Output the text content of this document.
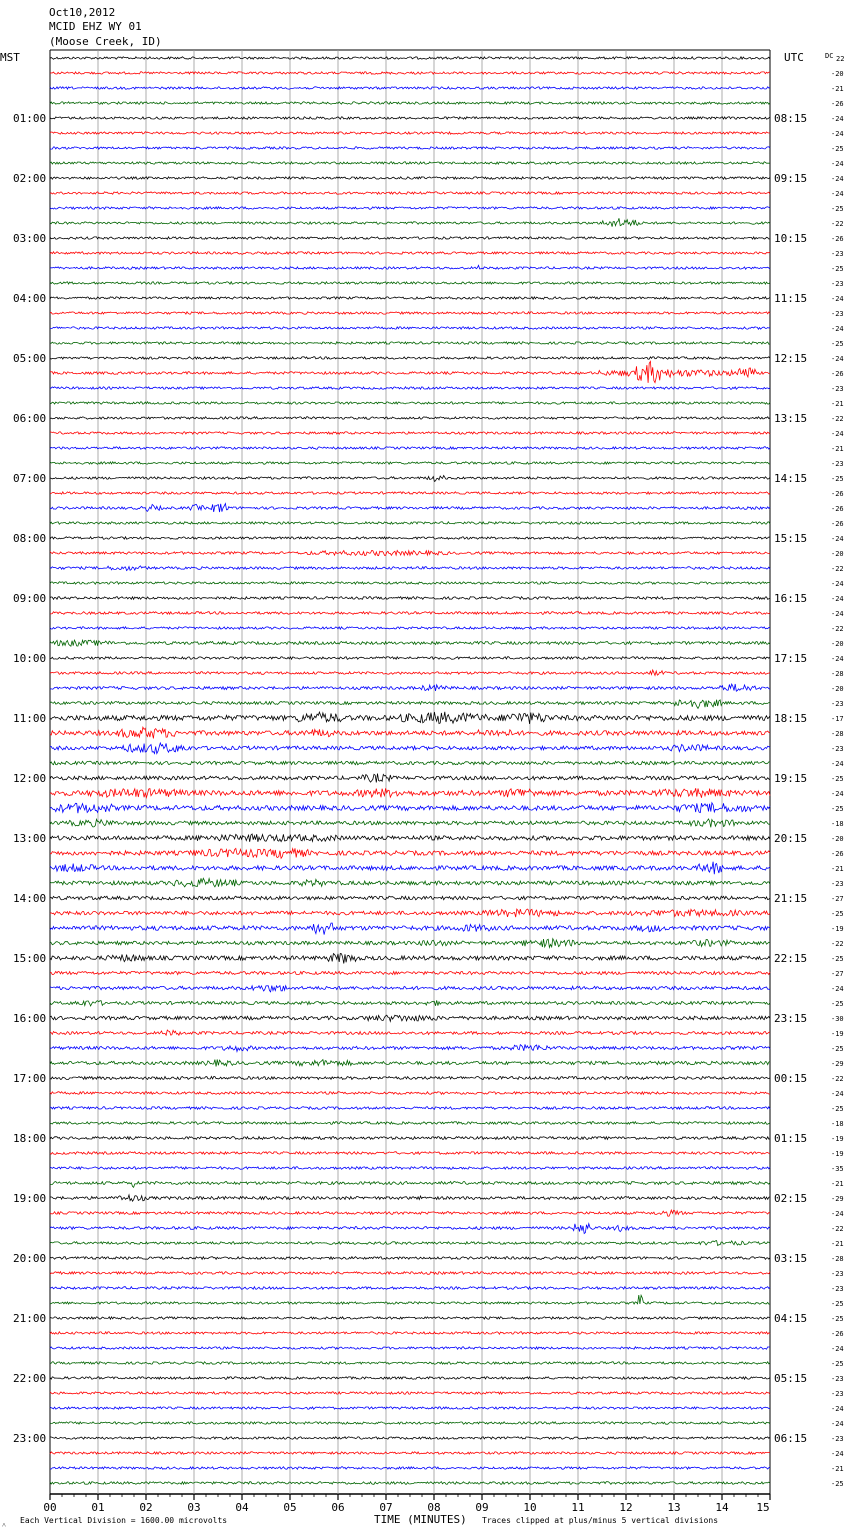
Oct10,2012
MCID EHZ WY 01
(Moose Creek, ID)
MST	UTC	DC
01:00
02:00
03:00
04:00
05:00
06:00
07:00
08:00
09:00
10:00
11:00
12:00
13:00
14:00
15:00
16:00
17:00
18:00
19:00
20:00
21:00
22:00
23:00
08:15
09:15
10:15
11:15
12:15
13:15
14:15
15:15
16:15
17:15
18:15
19:15
20:15
21:15
22:15
23:15
00:15
01:15
02:15
03:15
04:15
05:15
06:15
22
-20
-21
-26
-24
-24
-25
-24
-24
-24
-25
-22
-26
-23
-25
-23
-24
-23
-24
-25
-24
-26
-23
-21
-22
-24
-21
-23
-25
-26
-26
-26
-24
-20
-22
-24
-24
-24
-22
-20
-24
-28
-20
-23
-17
-28
-23
-24
-25
-24
-25
-18
-20
-26
-21
-23
-27
-25
-19
-22
-25
-27
-24
-25
-30
-19
-25
-29
-22
-24
-25
-18
-19
-19
-35
-21
-29
-24
-22
-21
-28
-23
-23
-25
-25
-26
-24
-25
-23
-23
-24
-24
-23
-24
-21
-25
00	01	02	03	04	05	06	07	08	09	10	11	12	13	14	15
˄ Each Vertical Division = 1600.00 microvolts	TIME (MINUTES) Traces clipped at plus/minus 5 vertical divisions
